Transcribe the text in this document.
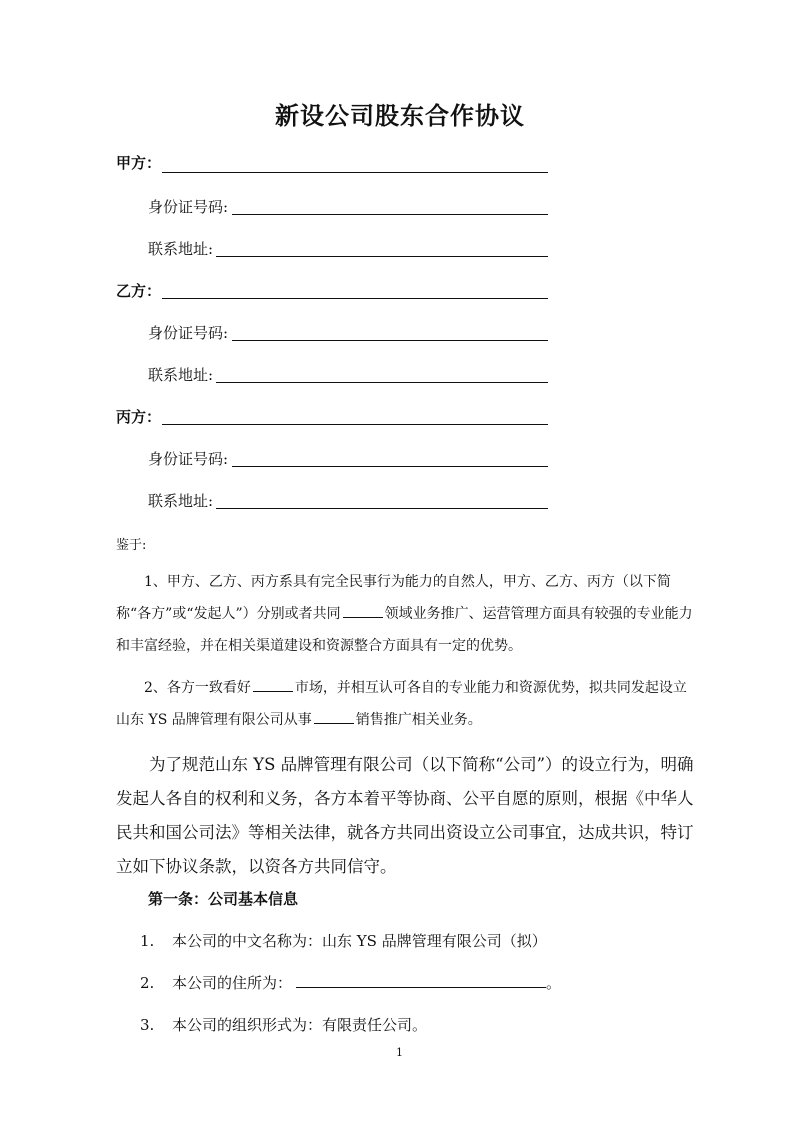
新设公司股东合作协议
甲方：
身份证号码:
联系地址:
乙方：
身份证号码:
联系地址:
丙方：
身份证号码:
联系地址:
鉴于:
1、甲方、乙方、丙方系具有完全民事行为能力的自然人，甲方、乙方、丙方（以下简称“各方”或“发起人”）分别或者共同	领域业务推广、运营管理方面具有较强的专业能力和丰富经验，并在相关渠道建设和资源整合方面具有一定的优势。
2、各方一致看好	市场，并相互认可各自的专业能力和资源优势，拟共同发起设立山东 YS 品牌管理有限公司从事	销售推广相关业务。
为了规范山东 YS 品牌管理有限公司（以下简称“公司”）的设立行为，明确发起人各自的权利和义务，各方本着平等协商、公平自愿的原则，根据《中华人民共和国公司法》等相关法律，就各方共同出资设立公司事宜，达成共识，特订立如下协议条款，以资各方共同信守。
第一条：公司基本信息
1. 本公司的中文名称为：山东 YS 品牌管理有限公司（拟）
2. 本公司的住所为：	。
3. 本公司的组织形式为：有限责任公司。
1
